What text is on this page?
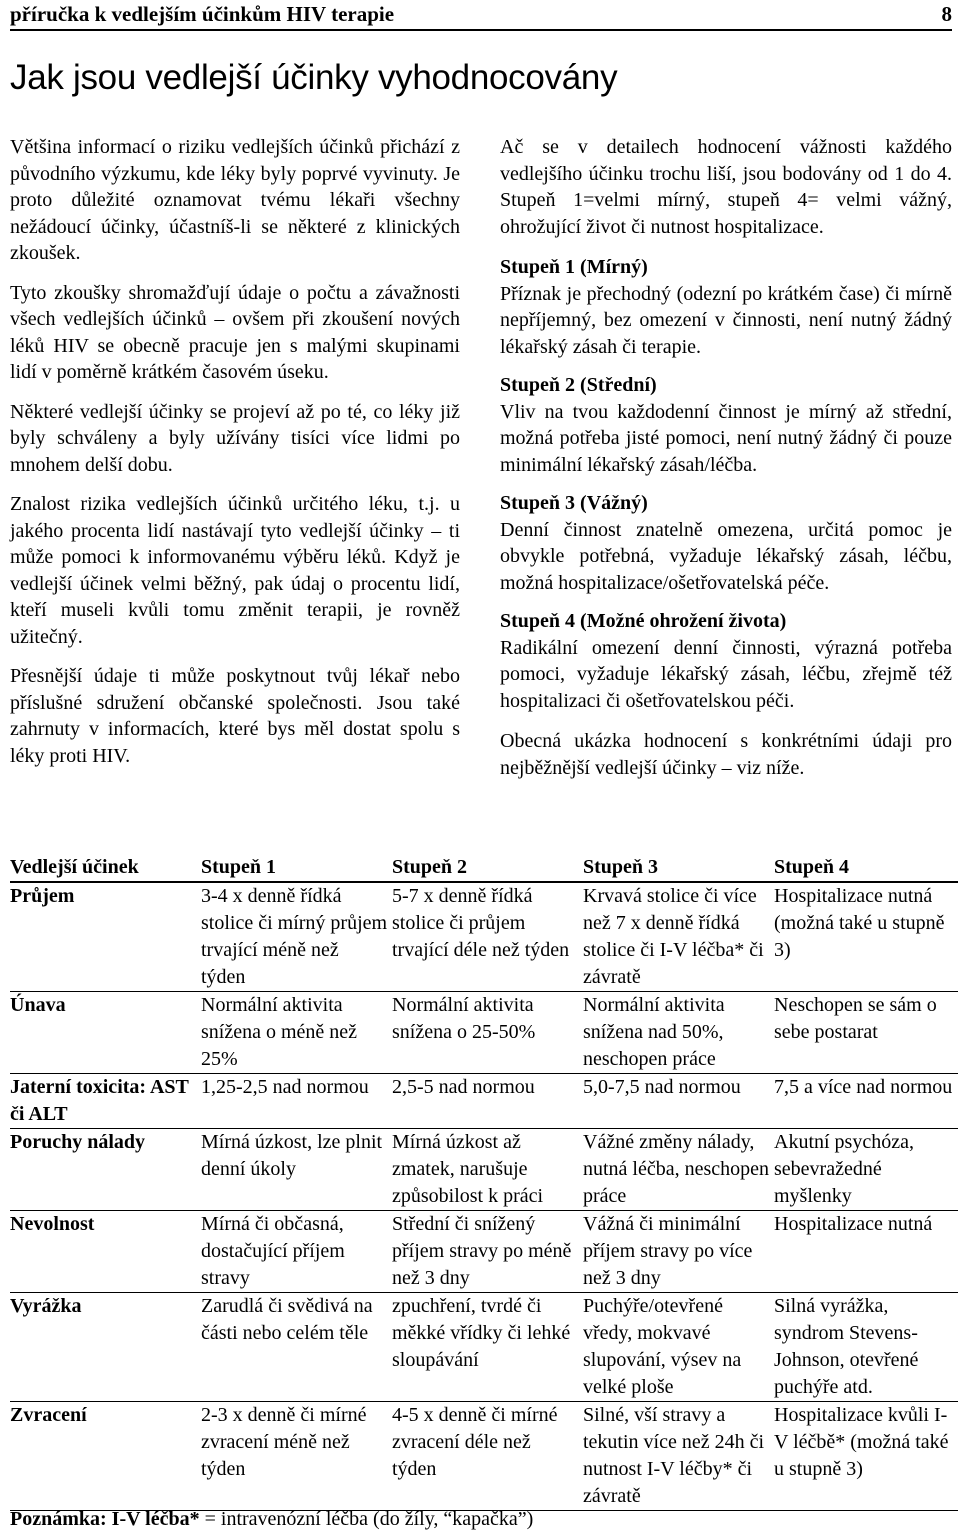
příručka k vedlejším účinkům HIV terapie	8
Jak jsou vedlejší účinky vyhodnocovány

Většina informací o riziku vedlejších účinků přichází z původního výzkumu, kde léky byly poprvé vyvinuty. Je proto důležité oznamovat tvému lékaři všechny nežádoucí účinky, účastníš-li se některé z klinických zkoušek.

Tyto zkoušky shromažďují údaje o počtu a závažnosti všech vedlejších účinků – ovšem při zkoušení nových léků HIV se obecně pracuje jen s malými skupinami lidí v poměrně krátkém časovém úseku.

Některé vedlejší účinky se projeví až po té, co léky již byly schváleny a byly užívány tisíci více lidmi po mnohem delší dobu.

Znalost rizika vedlejších účinků určitého léku, t.j. u jakého procenta lidí nastávají tyto vedlejší účinky – ti může pomoci k informovanému výběru léků. Když je vedlejší účinek velmi běžný, pak údaj o procentu lidí, kteří museli kvůli tomu změnit terapii, je rovněž užitečný.

Přesnější údaje ti může poskytnout tvůj lékař nebo příslušné sdružení občanské společnosti. Jsou také zahrnuty v informacích, které bys měl dostat spolu s léky proti HIV.

Ač se v detailech hodnocení vážnosti každého vedlejšího účinku trochu liší, jsou bodovány od 1 do 4. Stupeň 1=velmi mírný, stupeň 4= velmi vážný, ohrožující život či nutnost hospitalizace.

Stupeň 1 (Mírný)
Příznak je přechodný (odezní po krátkém čase) či mírně nepříjemný, bez omezení v činnosti, není nutný žádný lékařský zásah či terapie.

Stupeň 2 (Střední)
Vliv na tvou každodenní činnost je mírný až střední, možná potřeba jisté pomoci, není nutný žádný či pouze minimální lékařský zásah/léčba.

Stupeň 3 (Vážný)
Denní činnost znatelně omezena, určitá pomoc je obvykle potřebná, vyžaduje lékařský zásah, léčbu, možná hospitalizace/ošetřovatelská péče.

Stupeň 4 (Možné ohrožení života)
Radikální omezení denní činnosti, výrazná potřeba pomoci, vyžaduje lékařský zásah, léčbu, zřejmě též hospitalizaci či ošetřovatelskou péči.

Obecná ukázka hodnocení s konkrétními údaji pro nejběžnější vedlejší účinky – viz níže.

Vedlejší účinek	Stupeň 1	Stupeň 2	Stupeň 3	Stupeň 4
Průjem	3-4 x denně řídká stolice či mírný průjem trvající méně než týden	5-7 x denně řídká stolice či průjem trvající déle než týden	Krvavá stolice či více než 7 x denně řídká stolice či I-V léčba* či závratě	Hospitalizace nutná (možná také u stupně 3)
Únava	Normální aktivita snížena o méně než 25%	Normální aktivita snížena o 25-50%	Normální aktivita snížena nad 50%, neschopen práce	Neschopen se sám o sebe postarat
Jaterní toxicita: AST či ALT	1,25-2,5 nad normou	2,5-5 nad normou	5,0-7,5 nad normou	7,5 a více nad normou
Poruchy nálady	Mírná úzkost, lze plnit denní úkoly	Mírná úzkost až zmatek, narušuje způsobilost k práci	Vážné změny nálady, nutná léčba, neschopen práce	Akutní psychóza, sebevražedné myšlenky
Nevolnost	Mírná či občasná, dostačující příjem stravy	Střední či snížený příjem stravy po méně než 3 dny	Vážná či minimální příjem stravy po více než 3 dny	Hospitalizace nutná
Vyrážka	Zarudlá či svědivá na části nebo celém těle	zpuchření, tvrdé či měkké vřídky či lehké sloupávání	Puchýře/otevřené vředy, mokvavé slupování, výsev na velké ploše	Silná vyrážka, syndrom Stevens-Johnson, otevřené puchýře atd.
Zvracení	2-3 x denně či mírné zvracení méně než týden	4-5 x denně či mírné zvracení déle než týden	Silné, vší stravy a tekutin více než 24h či nutnost I-V léčby* či závratě	Hospitalizace kvůli I-V léčbě* (možná také u stupně 3)
Poznámka: I-V léčba* = intravenózní léčba (do žíly, “kapačka”)
